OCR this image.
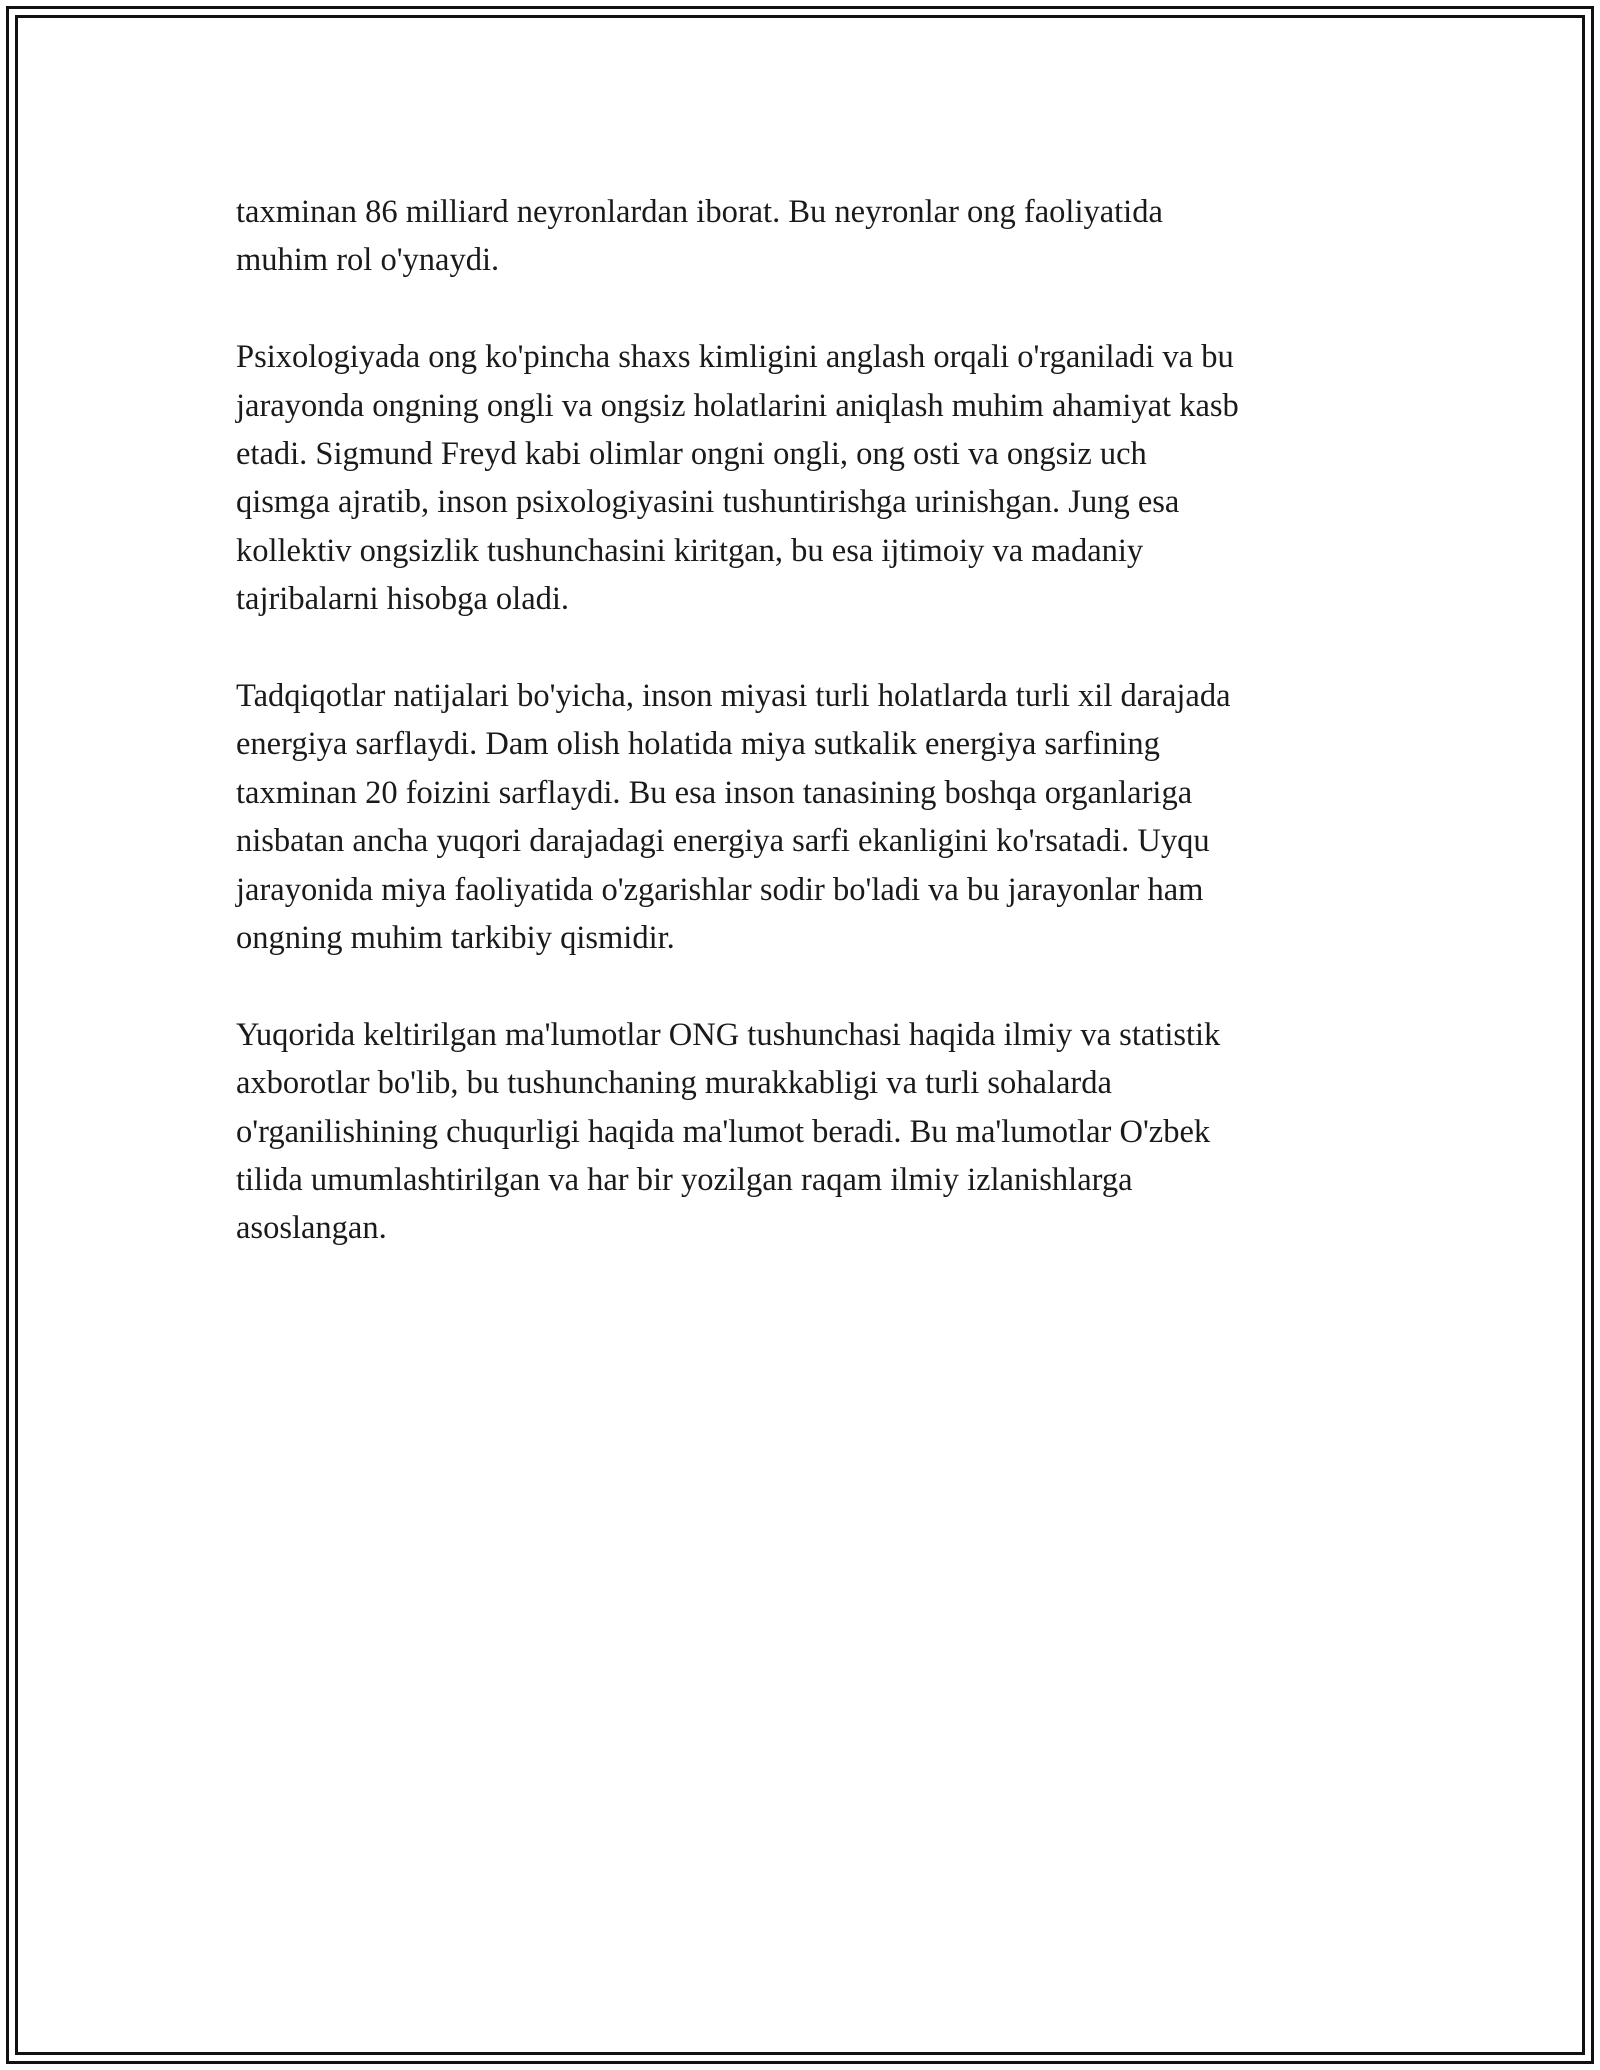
taxminan 86 milliard neyronlardan iborat. Bu neyronlar ong faoliyatida
muhim rol o'ynaydi.

Psixologiyada ong ko'pincha shaxs kimligini anglash orqali o'rganiladi va bu
jarayonda ongning ongli va ongsiz holatlarini aniqlash muhim ahamiyat kasb
etadi. Sigmund Freyd kabi olimlar ongni ongli, ong osti va ongsiz uch
qismga ajratib, inson psixologiyasini tushuntirishga urinishgan. Jung esa
kollektiv ongsizlik tushunchasini kiritgan, bu esa ijtimoiy va madaniy
tajribalarni hisobga oladi.

Tadqiqotlar natijalari bo'yicha, inson miyasi turli holatlarda turli xil darajada
energiya sarflaydi. Dam olish holatida miya sutkalik energiya sarfining
taxminan 20 foizini sarflaydi. Bu esa inson tanasining boshqa organlariga
nisbatan ancha yuqori darajadagi energiya sarfi ekanligini ko'rsatadi. Uyqu
jarayonida miya faoliyatida o'zgarishlar sodir bo'ladi va bu jarayonlar ham
ongning muhim tarkibiy qismidir.

Yuqorida keltirilgan ma'lumotlar ONG tushunchasi haqida ilmiy va statistik
axborotlar bo'lib, bu tushunchaning murakkabligi va turli sohalarda
o'rganilishining chuqurligi haqida ma'lumot beradi. Bu ma'lumotlar O'zbek
tilida umumlashtirilgan va har bir yozilgan raqam ilmiy izlanishlarga
asoslangan.
